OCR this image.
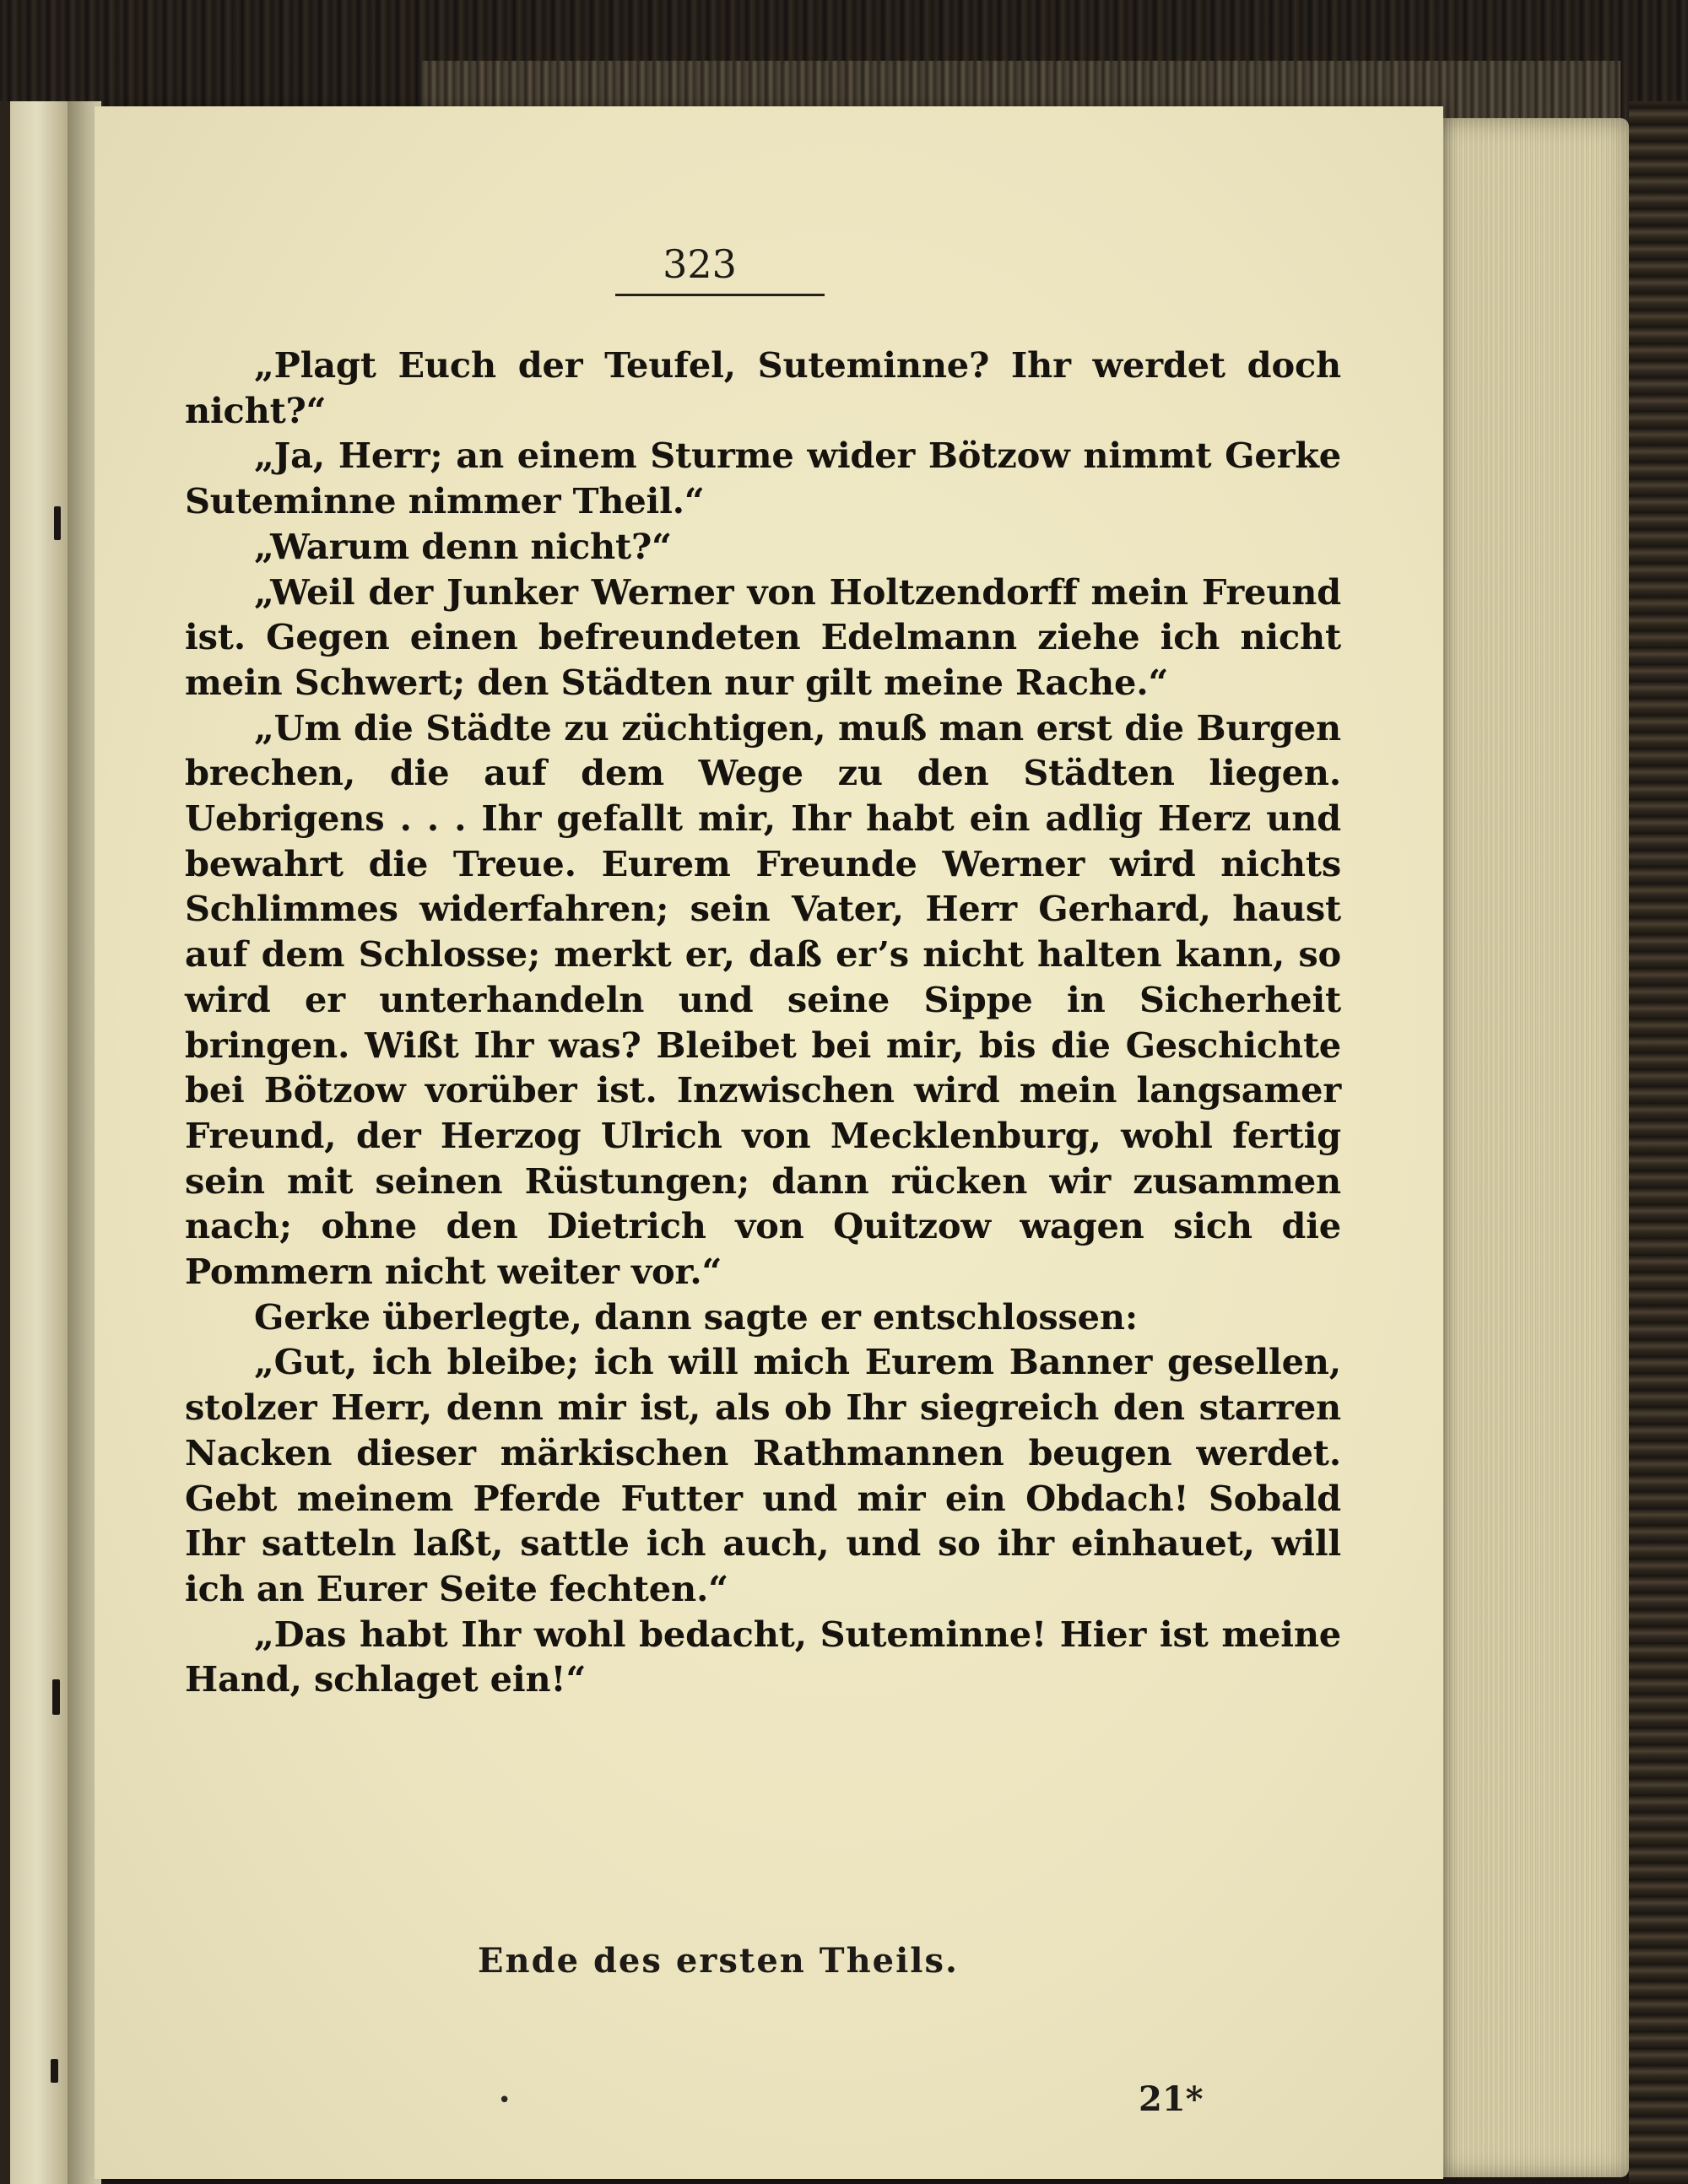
323

„Plagt Euch der Teufel, Suteminne? Ihr werdet doch nicht?“

„Ja, Herr; an einem Sturme wider Bötzow nimmt Gerke Suteminne nimmer Theil.“

„Warum denn nicht?“

„Weil der Junker Werner von Holtzendorff mein Freund ist. Gegen einen befreundeten Edelmann ziehe ich nicht mein Schwert; den Städten nur gilt meine Rache.“

„Um die Städte zu züchtigen, muß man erst die Burgen brechen, die auf dem Wege zu den Städten liegen. Uebrigens . . . Ihr gefallt mir, Ihr habt ein adlig Herz und bewahrt die Treue. Eurem Freunde Werner wird nichts Schlimmes widerfahren; sein Vater, Herr Gerhard, haust auf dem Schlosse; merkt er, daß er’s nicht halten kann, so wird er unterhandeln und seine Sippe in Sicherheit bringen. Wißt Ihr was? Bleibet bei mir, bis die Geschichte bei Bötzow vorüber ist. Inzwischen wird mein langsamer Freund, der Herzog Ulrich von Mecklenburg, wohl fertig sein mit seinen Rüstungen; dann rücken wir zusammen nach; ohne den Dietrich von Quitzow wagen sich die Pommern nicht weiter vor.“

Gerke überlegte, dann sagte er entschlossen:

„Gut, ich bleibe; ich will mich Eurem Banner gesellen, stolzer Herr, denn mir ist, als ob Ihr siegreich den starren Nacken dieser märkischen Rathmannen beugen werdet. Gebt meinem Pferde Futter und mir ein Obdach! Sobald Ihr satteln laßt, sattle ich auch, und so ihr einhauet, will ich an Eurer Seite fechten.“

„Das habt Ihr wohl bedacht, Suteminne! Hier ist meine Hand, schlaget ein!“

Ende des ersten Theils.
•	21*
